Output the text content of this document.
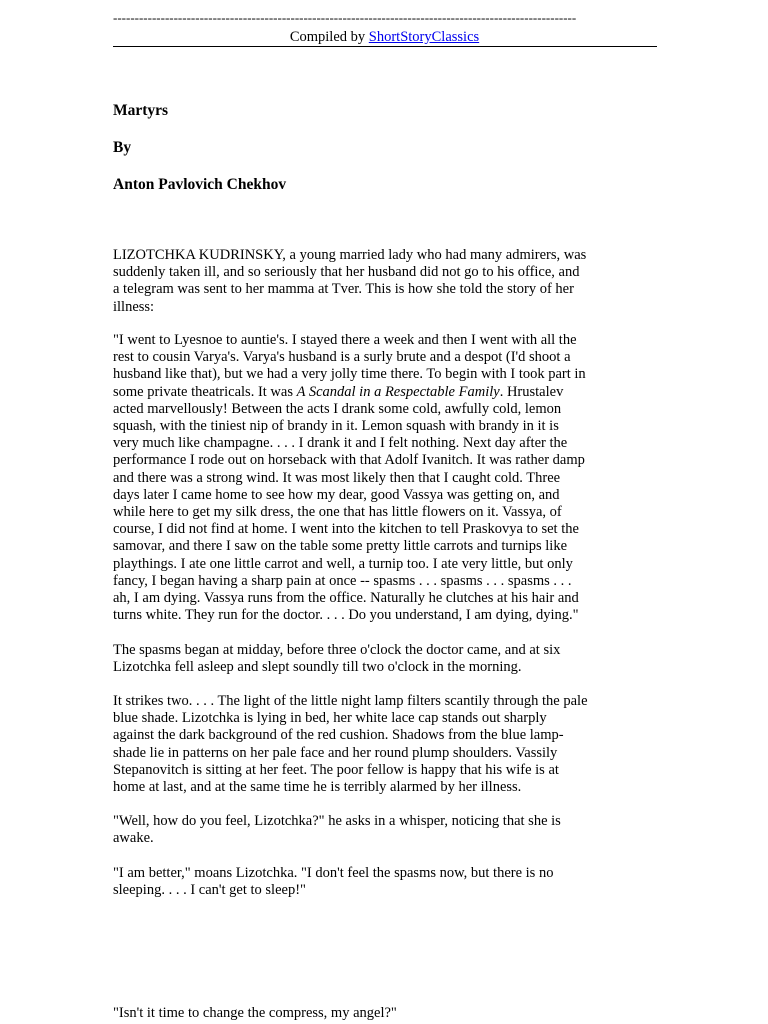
-----------------------------------------------------------------------------------------------------------
Compiled by ShortStoryClassics
Martyrs
By
Anton Pavlovich Chekhov
LIZOTCHKA KUDRINSKY, a young married lady who had many admirers, was
suddenly taken ill, and so seriously that her husband did not go to his office, and
a telegram was sent to her mamma at Tver. This is how she told the story of her
illness:
"I went to Lyesnoe to auntie's. I stayed there a week and then I went with all the
rest to cousin Varya's. Varya's husband is a surly brute and a despot (I'd shoot a
husband like that), but we had a very jolly time there. To begin with I took part in
some private theatricals. It was A Scandal in a Respectable Family. Hrustalev
acted marvellously! Between the acts I drank some cold, awfully cold, lemon
squash, with the tiniest nip of brandy in it. Lemon squash with brandy in it is
very much like champagne. . . . I drank it and I felt nothing. Next day after the
performance I rode out on horseback with that Adolf Ivanitch. It was rather damp
and there was a strong wind. It was most likely then that I caught cold. Three
days later I came home to see how my dear, good Vassya was getting on, and
while here to get my silk dress, the one that has little flowers on it. Vassya, of
course, I did not find at home. I went into the kitchen to tell Praskovya to set the
samovar, and there I saw on the table some pretty little carrots and turnips like
playthings. I ate one little carrot and well, a turnip too. I ate very little, but only
fancy, I began having a sharp pain at once -- spasms . . . spasms . . . spasms . . .
ah, I am dying. Vassya runs from the office. Naturally he clutches at his hair and
turns white. They run for the doctor. . . . Do you understand, I am dying, dying."
The spasms began at midday, before three o'clock the doctor came, and at six
Lizotchka fell asleep and slept soundly till two o'clock in the morning.
It strikes two. . . . The light of the little night lamp filters scantily through the pale
blue shade. Lizotchka is lying in bed, her white lace cap stands out sharply
against the dark background of the red cushion. Shadows from the blue lamp-
shade lie in patterns on her pale face and her round plump shoulders. Vassily
Stepanovitch is sitting at her feet. The poor fellow is happy that his wife is at
home at last, and at the same time he is terribly alarmed by her illness.
"Well, how do you feel, Lizotchka?" he asks in a whisper, noticing that she is
awake.
"I am better," moans Lizotchka. "I don't feel the spasms now, but there is no
sleeping. . . . I can't get to sleep!"
"Isn't it time to change the compress, my angel?"
